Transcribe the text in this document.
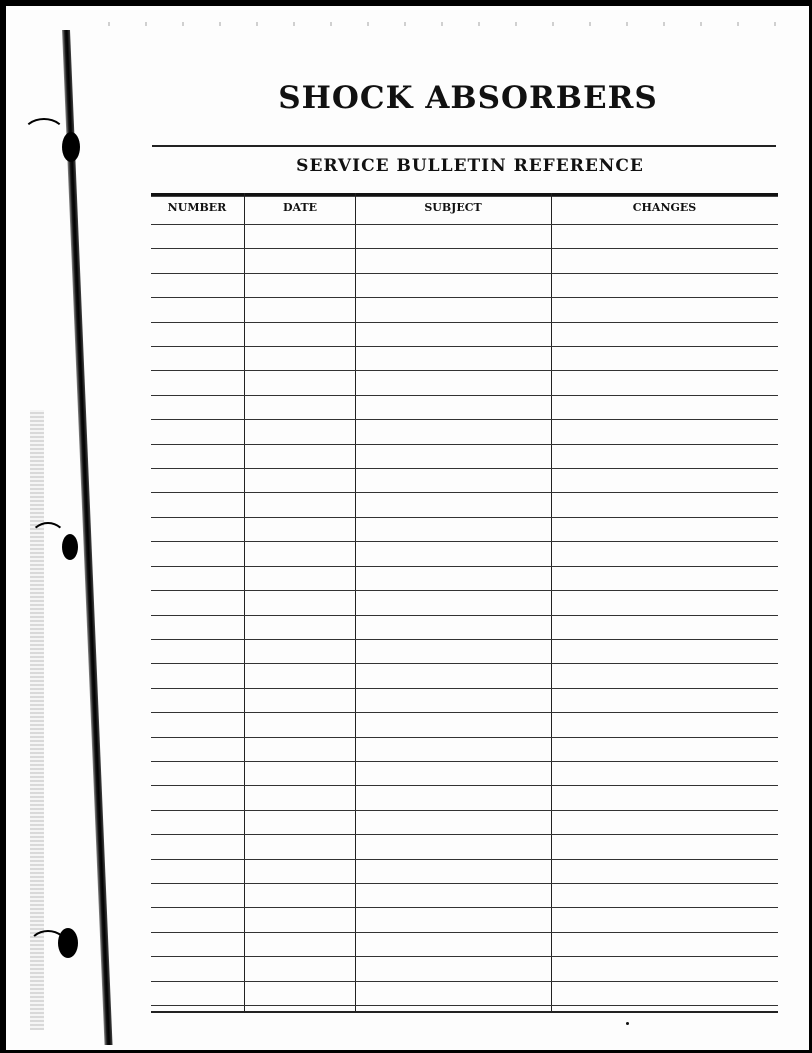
SHOCK ABSORBERS
SERVICE BULLETIN REFERENCE
NUMBER	DATE	SUBJECT	CHANGES
